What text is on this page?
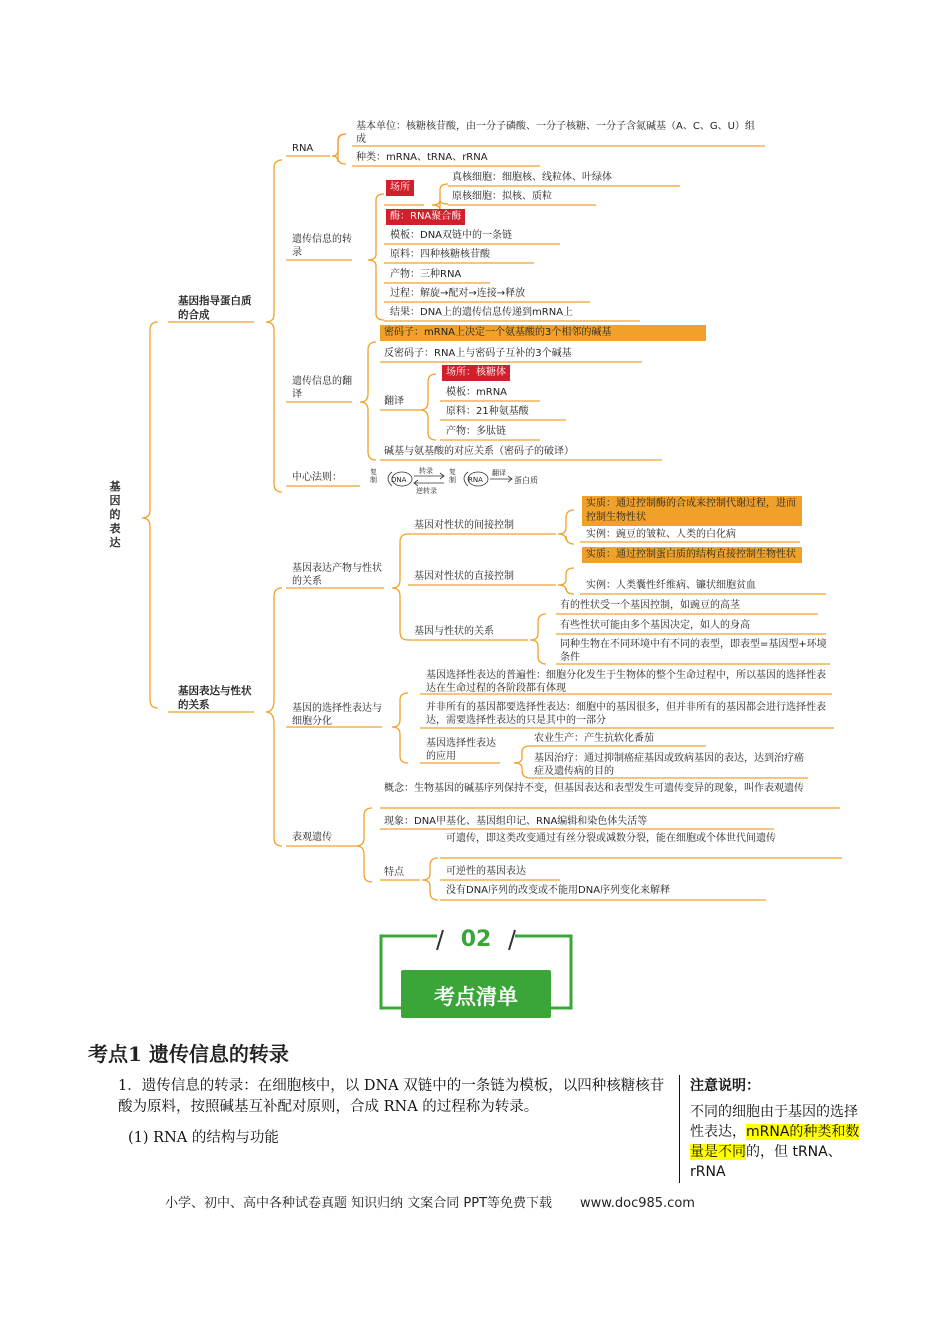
基因的表达
基因指导蛋白质的合成
基因表达与性状的关系
RNA
基本单位：核糖核苷酸，由一分子磷酸、一分子核糖、一分子含氮碱基（A、C、G、U）组成
种类：mRNA、tRNA、rRNA
遗传信息的转录
场所
真核细胞：细胞核、线粒体、叶绿体
原核细胞：拟核、质粒
酶：RNA聚合酶
模板：DNA双链中的一条链
原料：四种核糖核苷酸
产物：三种RNA
过程：解旋→配对→连接→释放
结果：DNA上的遗传信息传递到mRNA上
遗传信息的翻译
密码子：mRNA上决定一个氨基酸的3个相邻的碱基
反密码子：RNA上与密码子互补的3个碱基
翻译
场所：核糖体
模板：mRNA
原料：21种氨基酸
产物：多肽链
碱基与氨基酸的对应关系（密码子的破译）
中心法则：	复制	DNA
转录
逆转录
复制	RNA
翻译
蛋白质
基因表达产物与性状的关系
基因对性状的间接控制
实质：通过控制酶的合成来控制代谢过程，进而控制生物性状
实例：豌豆的皱粒、人类的白化病
基因对性状的直接控制
实质：通过控制蛋白质的结构直接控制生物性状
实例：人类囊性纤维病、镰状细胞贫血
基因与性状的关系
有的性状受一个基因控制，如豌豆的高茎
有些性状可能由多个基因决定，如人的身高
同种生物在不同环境中有不同的表型，即表型=基因型+环境条件
基因的选择性表达与细胞分化
基因选择性表达的普遍性：细胞分化发生于生物体的整个生命过程中，所以基因的选择性表达在生命过程的各阶段都有体现
并非所有的基因都要选择性表达：细胞中的基因很多，但并非所有的基因都会进行选择性表达，需要选择性表达的只是其中的一部分
基因选择性表达的应用
农业生产：产生抗软化番茄
基因治疗：通过抑制癌症基因或致病基因的表达，达到治疗癌症及遗传病的目的
表观遗传
概念：生物基因的碱基序列保持不变，但基因表达和表型发生可遗传变异的现象，叫作表观遗传
现象：DNA甲基化、基因组印记、RNA编辑和染色体失活等
特点
可遗传，即这类改变通过有丝分裂或减数分裂，能在细胞或个体世代间遗传
可逆性的基因表达
没有DNA序列的改变或不能用DNA序列变化来解释
02
考点清单
考点1 遗传信息的转录
1．遗传信息的转录：在细胞核中，以 DNA 双链中的一条链为模板，以四种核糖核苷酸为原料，按照碱基互补配对原则，合成 RNA 的过程称为转录。
(1) RNA 的结构与功能
注意说明：
不同的细胞由于基因的选择性表达，mRNA的种类和数量是不同的，但 tRNA、rRNA
小学、初中、高中各种试卷真题 知识归纳 文案合同 PPT等免费下载 www.doc985.com
